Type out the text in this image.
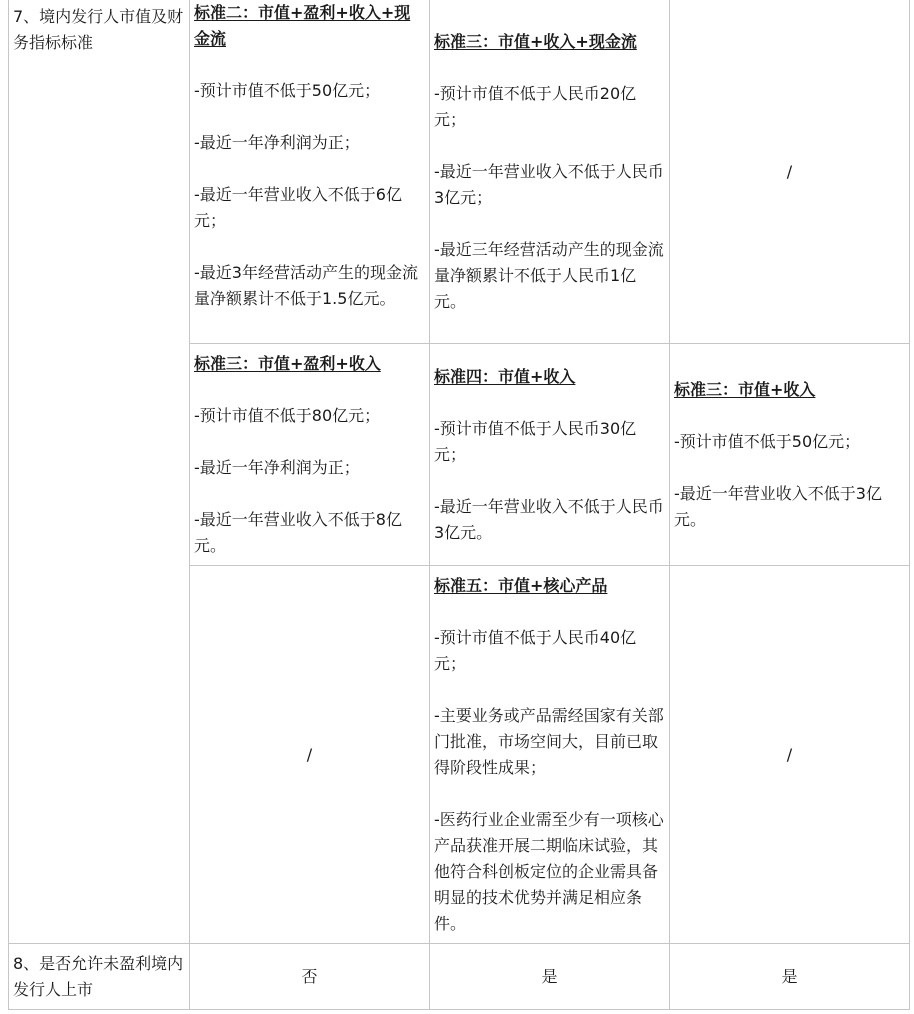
7、境内发行人市值及财务指标标准	标准二：市值+盈利+收入+现金流
-预计市值不低于50亿元；
-最近一年净利润为正；
-最近一年营业收入不低于6亿元；
-最近3年经营活动产生的现金流量净额累计不低于1.5亿元。	标准三：市值+收入+现金流
-预计市值不低于人民币20亿元；
-最近一年营业收入不低于人民币3亿元；
-最近三年经营活动产生的现金流量净额累计不低于人民币1亿元。	/

	标准三：市值+盈利+收入
-预计市值不低于80亿元；
-最近一年净利润为正；
-最近一年营业收入不低于8亿元。	标准四：市值+收入
-预计市值不低于人民币30亿元；
-最近一年营业收入不低于人民币3亿元。	标准三：市值+收入
-预计市值不低于50亿元；
-最近一年营业收入不低于3亿元。

	/	标准五：市值+核心产品
-预计市值不低于人民币40亿元；
-主要业务或产品需经国家有关部门批准，市场空间大，目前已取得阶段性成果；
-医药行业企业需至少有一项核心产品获准开展二期临床试验，其他符合科创板定位的企业需具备明显的技术优势并满足相应条件。	/
8、是否允许未盈利境内发行人上市	否	是	是
